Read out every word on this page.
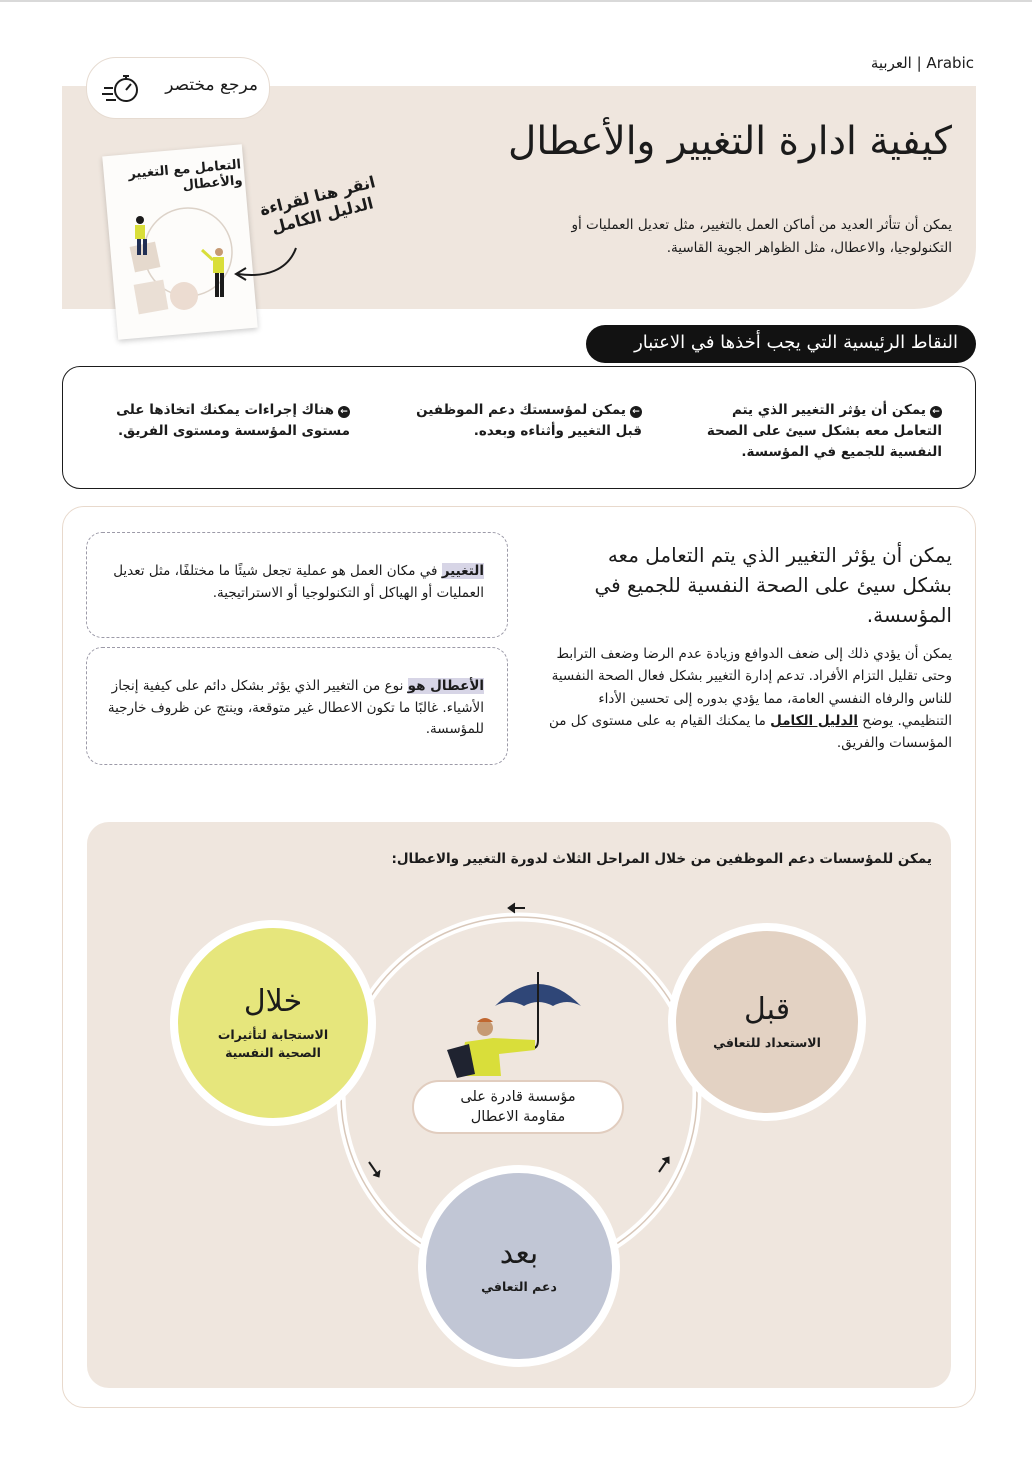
العربية | Arabic
مرجع مختصر
كيفية ادارة التغيير والأعطال
يمكن أن تتأثر العديد من أماكن العمل بالتغيير، مثل تعديل العمليات أو التكنولوجيا، والاعطال، مثل الظواهر الجوية القاسية.
التعامل مع التغيير والأعطال انقر هنا لقراءة الدليل الكامل
النقاط الرئيسية التي يجب أخذها في الاعتبار
←يمكن أن يؤثر التغيير الذي يتم التعامل معه بشكل سيئ على الصحة النفسية للجميع في المؤسسة.
←يمكن لمؤسستك دعم الموظفين قبل التغيير وأثناءه وبعده.
←هناك إجراءات يمكنك اتخاذها على مستوى المؤسسة ومستوى الفريق.
يمكن أن يؤثر التغيير الذي يتم التعامل معه بشكل سيئ على الصحة النفسية للجميع في المؤسسة.
يمكن أن يؤدي ذلك إلى ضعف الدوافع وزيادة عدم الرضا وضعف الترابط وحتى تقليل التزام الأفراد. تدعم إدارة التغيير بشكل فعال الصحة النفسية للناس والرفاه النفسي العامة، مما يؤدي بدوره إلى تحسين الأداء التنظيمي. يوضح الدليل الكامل ما يمكنك القيام به على مستوى كل من المؤسسات والفريق.
التغيير في مكان العمل هو عملية تجعل شيئًا ما مختلفًا، مثل تعديل العمليات أو الهياكل أو التكنولوجيا أو الاستراتيجية.
الأعطال هو نوع من التغيير الذي يؤثر بشكل دائم على كيفية إنجاز الأشياء. غالبًا ما تكون الاعطال غير متوقعة، وينتج عن ظروف خارجية للمؤسسة.
يمكن للمؤسسات دعم الموظفين من خلال المراحل الثلاث لدورة التغيير والاعطال:
قبل
الاستعداد للتعافي
خلال
الاستجابة لتأثيرات الصحية النفسية
بعد
دعم التعافي
مؤسسة قادرة على مقاومة الاعطال
